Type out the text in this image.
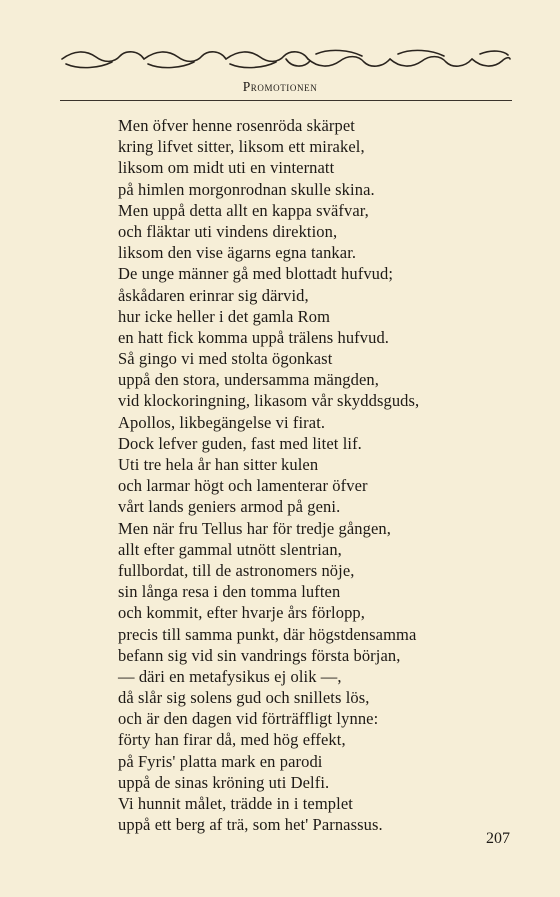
Promotionen
Men öfver henne rosenröda skärpet
kring lifvet sitter, liksom ett mirakel,
liksom om midt uti en vinternatt
på himlen morgonrodnan skulle skina.
Men uppå detta allt en kappa sväfvar,
och fläktar uti vindens direktion,
liksom den vise ägarns egna tankar.
De unge männer gå med blottadt hufvud;
åskådaren erinrar sig därvid,
hur icke heller i det gamla Rom
en hatt fick komma uppå trälens hufvud.
Så gingo vi med stolta ögonkast
uppå den stora, undersamma mängden,
vid klockoringning, likasom vår skyddsguds,
Apollos, likbegängelse vi firat.
Dock lefver guden, fast med litet lif.
Uti tre hela år han sitter kulen
och larmar högt och lamenterar öfver
vårt lands geniers armod på geni.
Men när fru Tellus har för tredje gången,
allt efter gammal utnött slentrian,
fullbordat, till de astronomers nöje,
sin långa resa i den tomma luften
och kommit, efter hvarje års förlopp,
precis till samma punkt, där högstdensamma
befann sig vid sin vandrings första början,
— däri en metafysikus ej olik —,
då slår sig solens gud och snillets lös,
och är den dagen vid förträffligt lynne:
förty han firar då, med hög effekt,
på Fyris' platta mark en parodi
uppå de sinas kröning uti Delfi.
Vi hunnit målet, trädde in i templet
uppå ett berg af trä, som het' Parnassus.
207
